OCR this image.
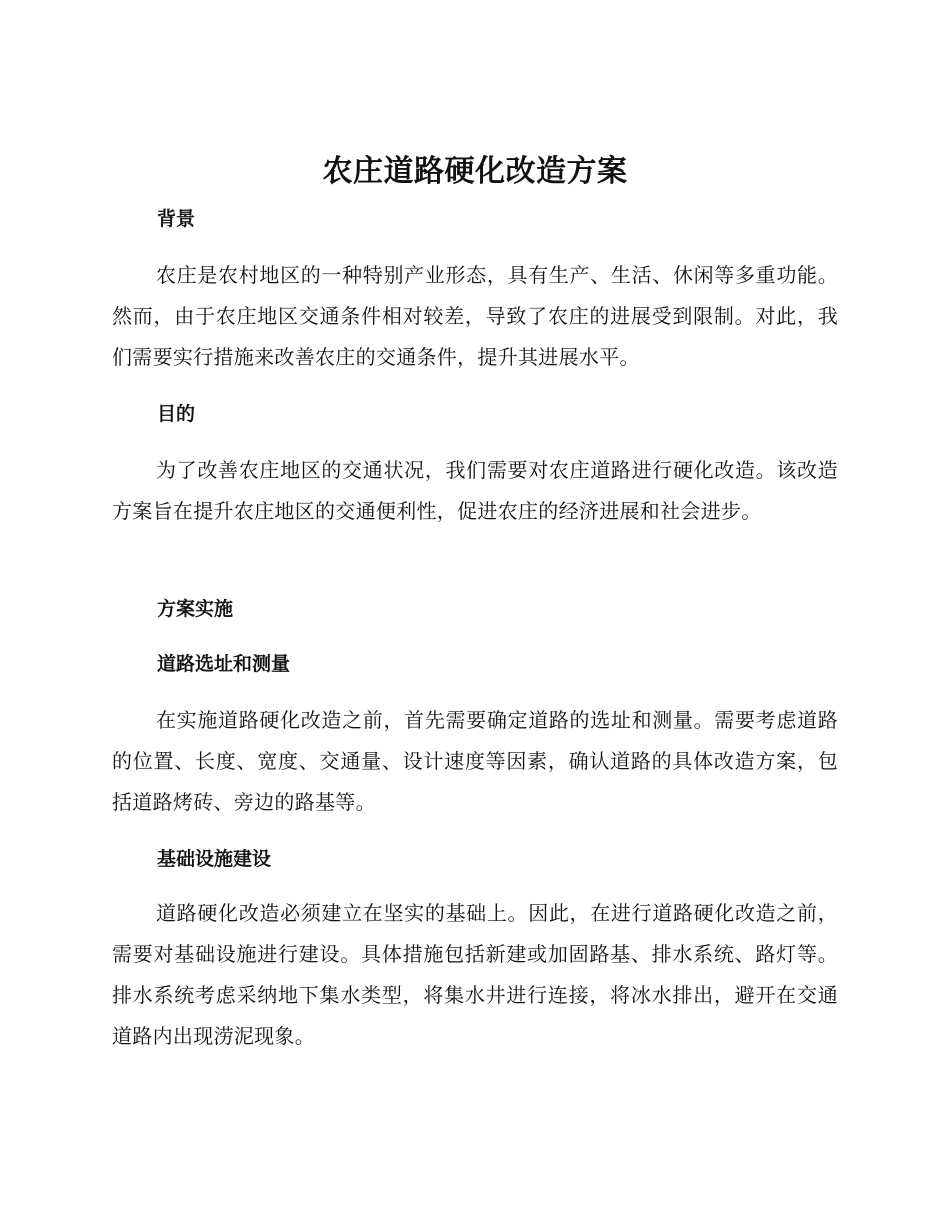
农庄道路硬化改造方案
背景

农庄是农村地区的一种特别产业形态，具有生产、生活、休闲等多重功能。然而，由于农庄地区交通条件相对较差，导致了农庄的进展受到限制。对此，我们需要实行措施来改善农庄的交通条件，提升其进展水平。

目的

为了改善农庄地区的交通状况，我们需要对农庄道路进行硬化改造。该改造方案旨在提升农庄地区的交通便利性，促进农庄的经济进展和社会进步。

方案实施
道路选址和测量

在实施道路硬化改造之前，首先需要确定道路的选址和测量。需要考虑道路的位置、长度、宽度、交通量、设计速度等因素，确认道路的具体改造方案，包括道路烤砖、旁边的路基等。

基础设施建设

道路硬化改造必须建立在坚实的基础上。因此，在进行道路硬化改造之前，需要对基础设施进行建设。具体措施包括新建或加固路基、排水系统、路灯等。排水系统考虑采纳地下集水类型，将集水井进行连接，将冰水排出，避开在交通道路内出现涝泥现象。
